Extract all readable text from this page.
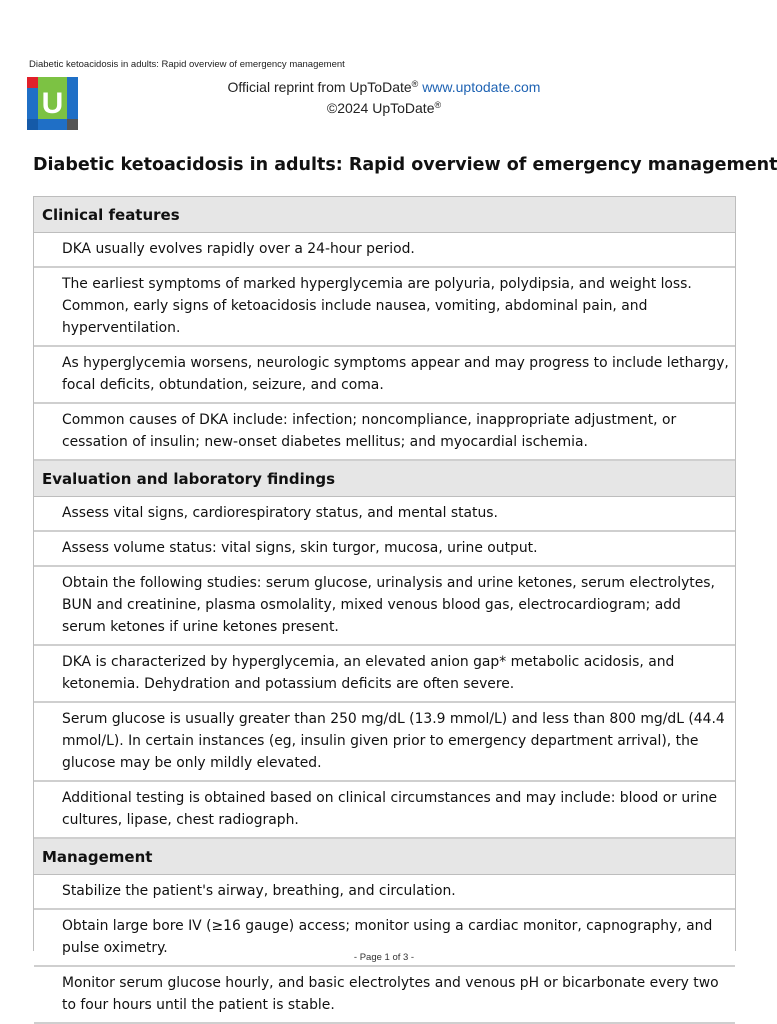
Diabetic ketoacidosis in adults: Rapid overview of emergency management
U	Official reprint from UpToDate® www.uptodate.com
©2024 UpToDate®
Diabetic ketoacidosis in adults: Rapid overview of emergency management
Clinical features
DKA usually evolves rapidly over a 24-hour period.
The earliest symptoms of marked hyperglycemia are polyuria, polydipsia, and weight loss. Common, early signs of ketoacidosis include nausea, vomiting, abdominal pain, and hyperventilation.
As hyperglycemia worsens, neurologic symptoms appear and may progress to include lethargy, focal deficits, obtundation, seizure, and coma.
Common causes of DKA include: infection; noncompliance, inappropriate adjustment, or cessation of insulin; new-onset diabetes mellitus; and myocardial ischemia.
Evaluation and laboratory findings
Assess vital signs, cardiorespiratory status, and mental status.
Assess volume status: vital signs, skin turgor, mucosa, urine output.
Obtain the following studies: serum glucose, urinalysis and urine ketones, serum electrolytes, BUN and creatinine, plasma osmolality, mixed venous blood gas, electrocardiogram; add serum ketones if urine ketones present.
DKA is characterized by hyperglycemia, an elevated anion gap* metabolic acidosis, and ketonemia. Dehydration and potassium deficits are often severe.
Serum glucose is usually greater than 250 mg/dL (13.9 mmol/L) and less than 800 mg/dL (44.4 mmol/L). In certain instances (eg, insulin given prior to emergency department arrival), the glucose may be only mildly elevated.
Additional testing is obtained based on clinical circumstances and may include: blood or urine cultures, lipase, chest radiograph.
Management
Stabilize the patient's airway, breathing, and circulation.
Obtain large bore IV (≥16 gauge) access; monitor using a cardiac monitor, capnography, and pulse oximetry.
Monitor serum glucose hourly, and basic electrolytes and venous pH or bicarbonate every two to four hours until the patient is stable.
- Page 1 of 3 -
